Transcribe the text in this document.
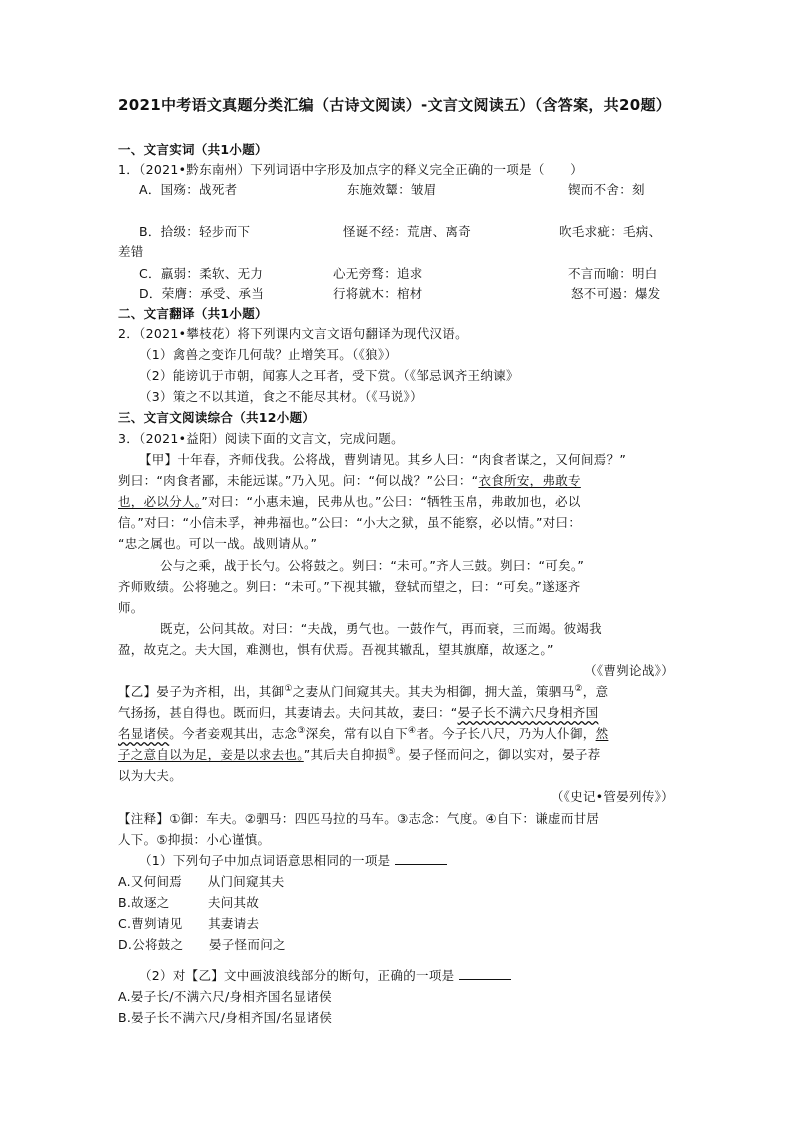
2021中考语文真题分类汇编（古诗文阅读）-文言文阅读五）（含答案，共20题）
一、文言实词（共1小题）
1．（2021•黔东南州）下列词语中字形及加点字的释义完全正确的一项是（　　）
A．国殇：战死者	东施效颦：皱眉	锲而不舍：刻
B．拾级：轻步而下	怪诞不经：荒唐、离奇	吹毛求疵：毛病、
差错
C．羸弱：柔软、无力	心无旁骛：追求	不言而喻：明白
D．荣膺：承受、承当	行将就木：棺材	怒不可遏：爆发
二、文言翻译（共1小题）
2．（2021•攀枝花）将下列课内文言文语句翻译为现代汉语。
（1）禽兽之变诈几何哉？止增笑耳。（《狼》）
（2）能谤讥于市朝，闻寡人之耳者，受下赏。（《邹忌讽齐王纳谏》
（3）策之不以其道，食之不能尽其材。（《马说》）
三、文言文阅读综合（共12小题）
3．（2021•益阳）阅读下面的文言文，完成问题。
【甲】十年春，齐师伐我。公将战，曹刿请见。其乡人曰：“肉食者谋之，又何间焉？”
刿曰：“肉食者鄙，未能远谋。”乃入见。问：“何以战？”公曰：“衣食所安，弗敢专
也，必以分人。”对曰：“小惠未遍，民弗从也。”公曰：“牺牲玉帛，弗敢加也，必以
信。”对曰：“小信未孚，神弗福也。”公曰：“小大之狱，虽不能察，必以情。”对曰：
“忠之属也。可以一战。战则请从。”
公与之乘，战于长勺。公将鼓之。刿曰：“未可。”齐人三鼓。刿曰：“可矣。”
齐师败绩。公将驰之。刿曰：“未可。”下视其辙，登轼而望之，曰：“可矣。”遂逐齐
师。
既克，公问其故。对曰：“夫战，勇气也。一鼓作气，再而衰，三而竭。彼竭我
盈，故克之。夫大国，难测也，惧有伏焉。吾视其辙乱，望其旗靡，故逐之。”
（《曹刿论战》）
【乙】晏子为齐相，出，其御①之妻从门间窥其夫。其夫为相御，拥大盖，策驷马②，意
气扬扬，甚自得也。既而归，其妻请去。夫问其故，妻曰：“晏子长不满六尺身相齐国
名显诸侯。今者妾观其出，志念③深矣，常有以自下④者。今子长八尺，乃为人仆御，然
子之意自以为足，妾是以求去也。”其后夫自抑损⑤。晏子怪而问之，御以实对，晏子荐
以为大夫。
（《史记•管晏列传》）
【注释】①御：车夫。②驷马：四匹马拉的马车。③志念：气度。④自下：谦虚而甘居
人下。⑤抑损：小心谨慎。
（1）下列句子中加点词语意思相同的一项是
A.又何间焉　　从门间窥其夫
B.故逐之　　　夫问其故
C.曹刿请见　　其妻请去
D.公将鼓之　　晏子怪而问之
（2）对【乙】文中画波浪线部分的断句，正确的一项是
A.晏子长/不满六尺/身相齐国名显诸侯
B.晏子长不满六尺/身相齐国/名显诸侯
